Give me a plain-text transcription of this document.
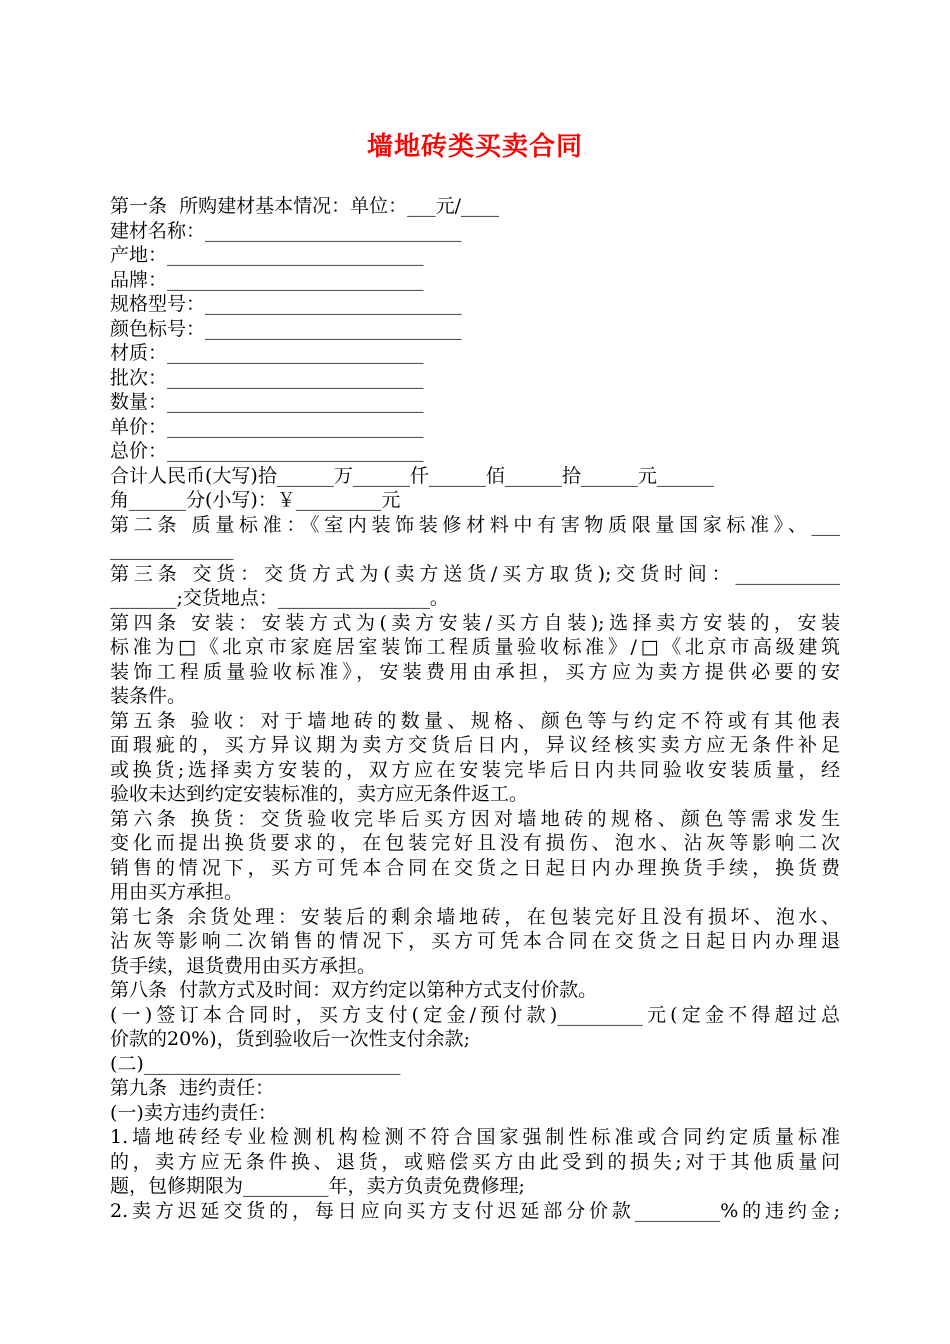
墙地砖类买卖合同
第一条  所购建材基本情况：单位：___元/____
建材名称：___________________________
产地：___________________________
品牌：___________________________
规格型号：___________________________
颜色标号：___________________________
材质：___________________________
批次：___________________________
数量：___________________________
单价：___________________________
总价：___________________________
合计人民币(大写)拾______万______仟______佰______拾______元______
角______分(小写)：￥_________元
第二条 质量标准：《室内装饰装修材料中有害物质限量国家标准》、___
_____________
第三条 交货：交货方式为(卖方送货/买方取货);交货时间：___________
_______;交货地点：________________。
第四条 安装：安装方式为(卖方安装/买方自装);选择卖方安装的，安装
标准为□《北京市家庭居室装饰工程质量验收标准》/□《北京市高级建筑
装饰工程质量验收标准》，安装费用由承担，买方应为卖方提供必要的安
装条件。
第五条 验收：对于墙地砖的数量、规格、颜色等与约定不符或有其他表
面瑕疵的，买方异议期为卖方交货后日内，异议经核实卖方应无条件补足
或换货;选择卖方安装的，双方应在安装完毕后日内共同验收安装质量，经
验收未达到约定安装标准的，卖方应无条件返工。
第六条 换货：交货验收完毕后买方因对墙地砖的规格、颜色等需求发生
变化而提出换货要求的，在包装完好且没有损伤、泡水、沾灰等影响二次
销售的情况下，买方可凭本合同在交货之日起日内办理换货手续，换货费
用由买方承担。
第七条 余货处理：安装后的剩余墙地砖，在包装完好且没有损坏、泡水、
沾灰等影响二次销售的情况下，买方可凭本合同在交货之日起日内办理退
货手续，退货费用由买方承担。
第八条  付款方式及时间：双方约定以第种方式支付价款。
(一)签订本合同时，买方支付(定金/预付款)_________元(定金不得超过总
价款的20%)，货到验收后一次性支付余款;
(二)___________________________
第九条  违约责任：
(一)卖方违约责任：
1.墙地砖经专业检测机构检测不符合国家强制性标准或合同约定质量标准
的，卖方应无条件换、退货，或赔偿买方由此受到的损失;对于其他质量问
题，包修期限为_________年，卖方负责免费修理;
2.卖方迟延交货的，每日应向买方支付迟延部分价款_________%的违约金;
